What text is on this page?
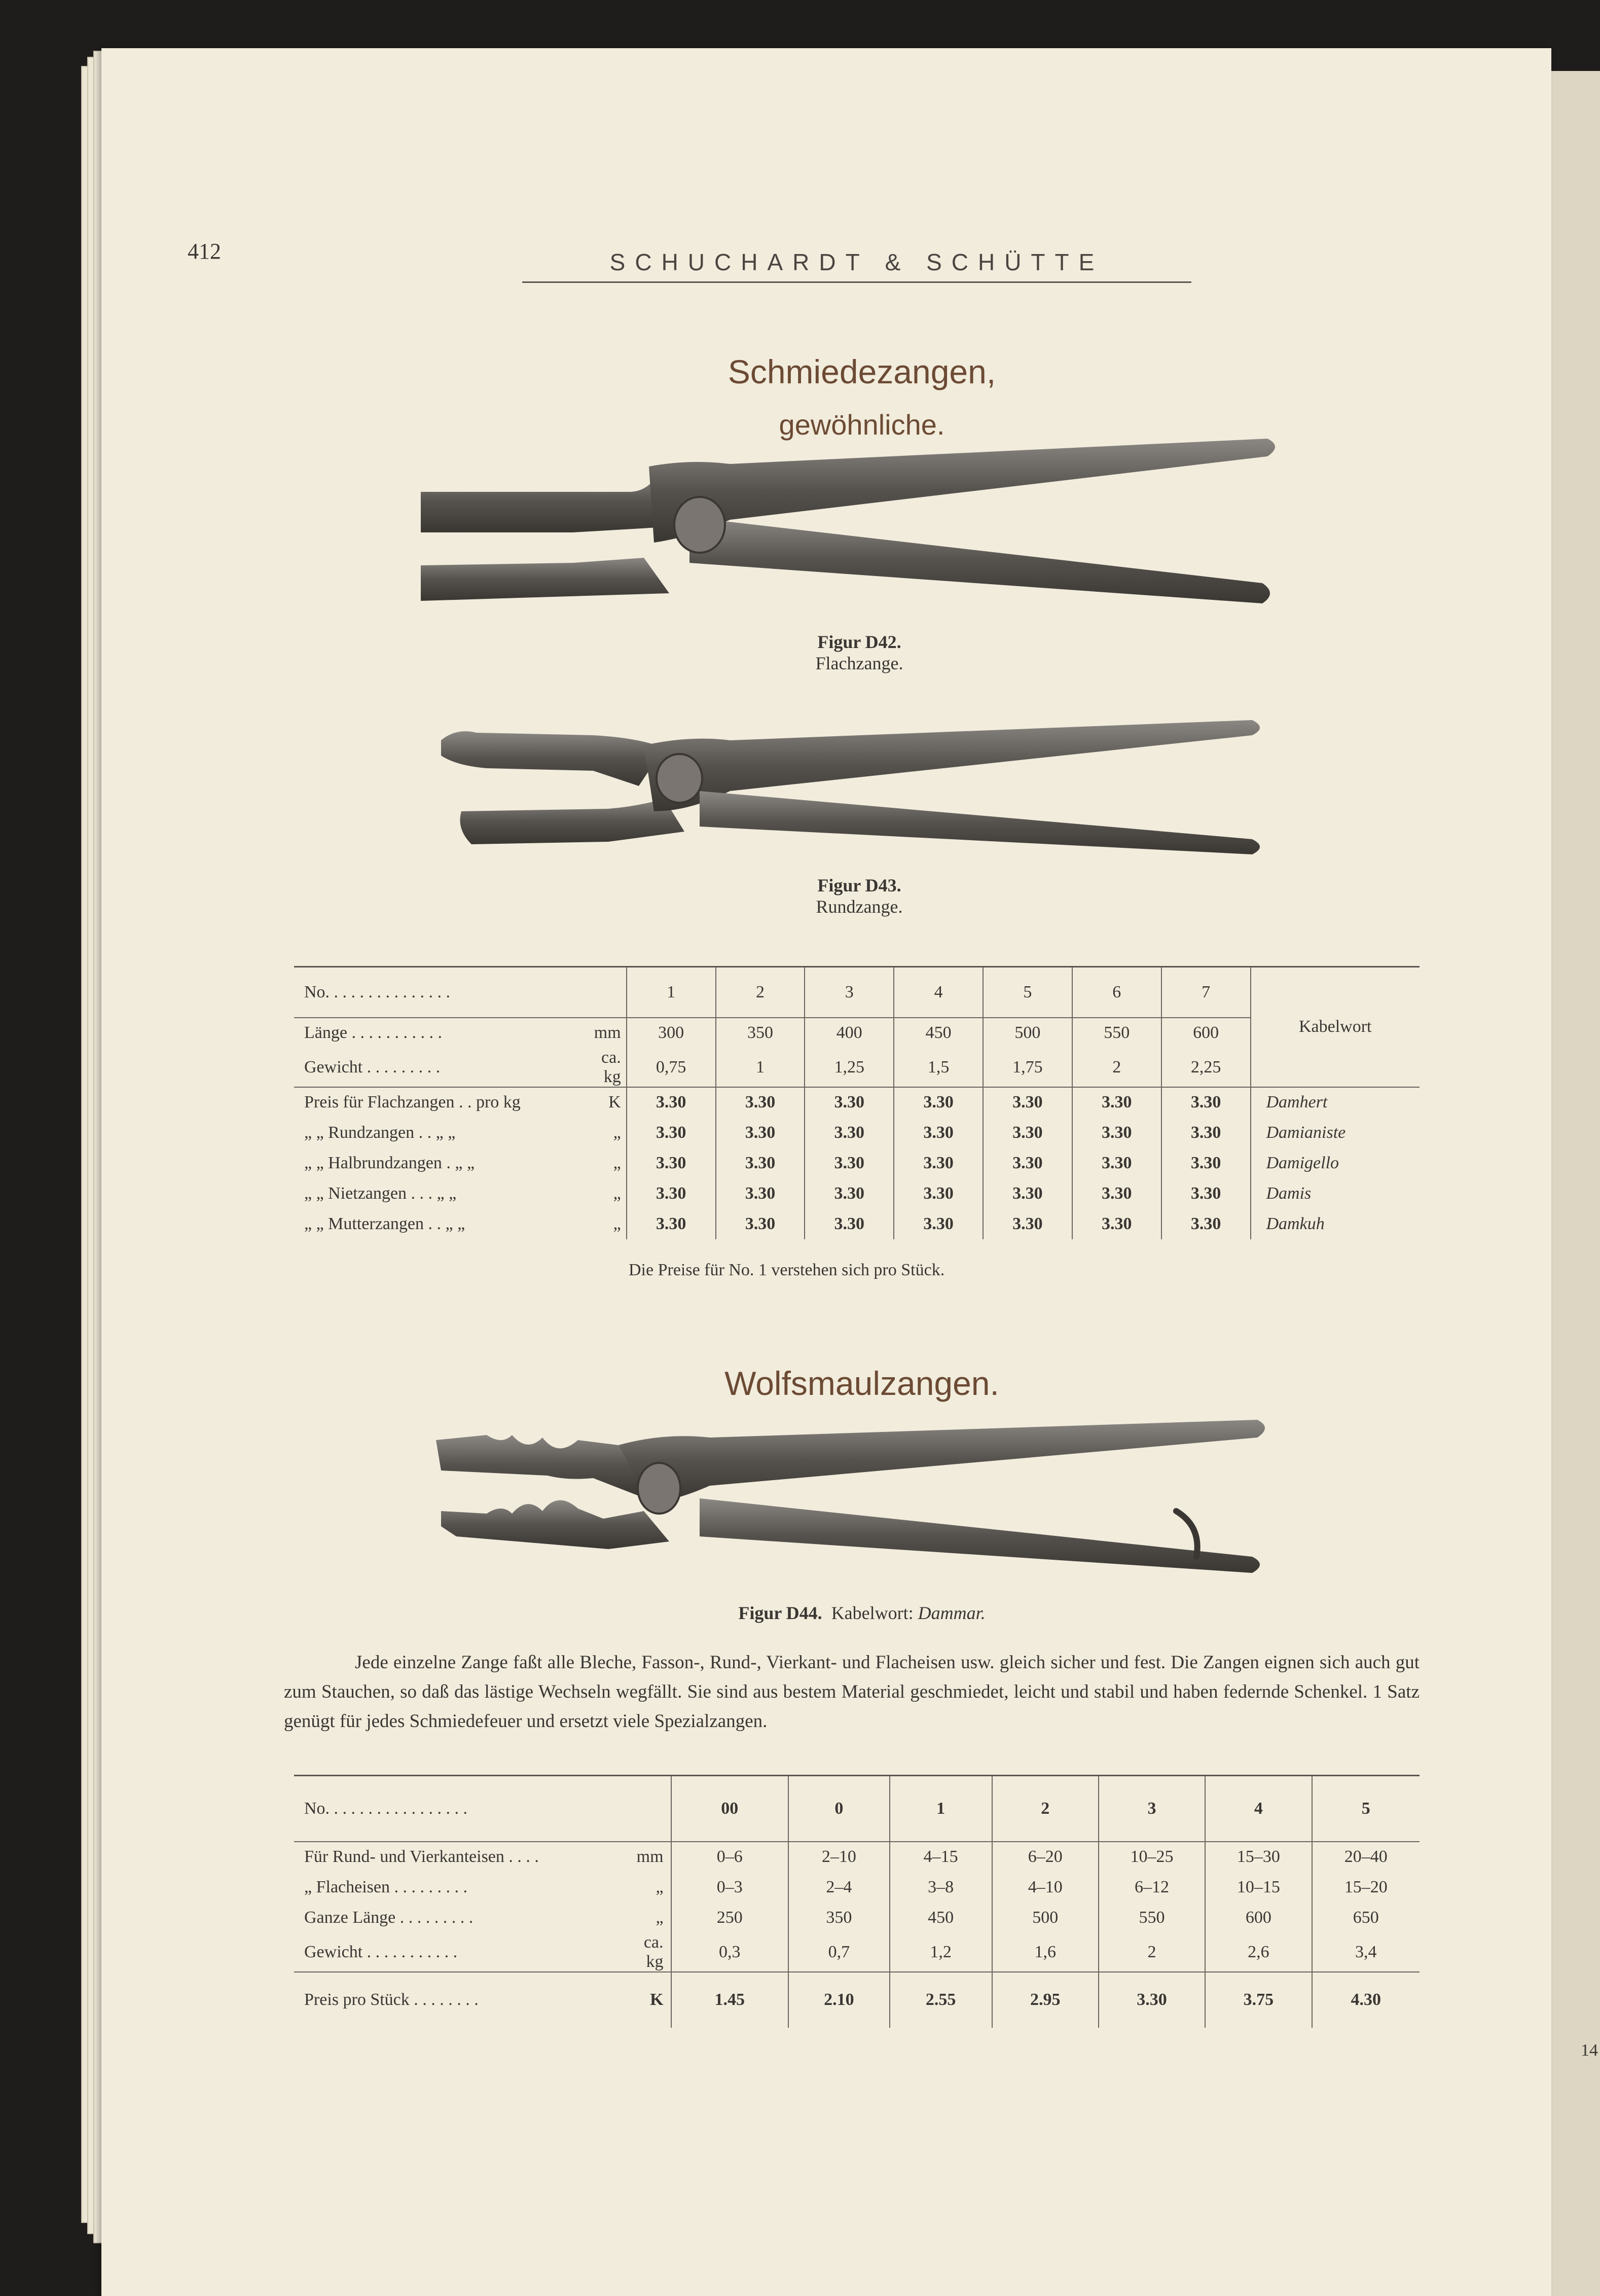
412	SCHUCHARDT & SCHÜTTE
14
Schmiedezangen,
gewöhnliche.
Figur D42.
Flachzange.
Figur D43.
Rundzange.
No. . . . . . . . . . . . . . .		1	2	3	4	5	6	7	Kabelwort
Länge . . . . . . . . . . .	mm	300	350	400	450	500	550	600	
Gewicht . . . . . . . . .	ca. kg	0,75	1	1,25	1,5	1,75	2	2,25	

Preis für Flachzangen . . pro kg	K	3.30	3.30	3.30	3.30	3.30	3.30	3.30	Damhert
„ „ Rundzangen . . „ „	„	3.30	3.30	3.30	3.30	3.30	3.30	3.30	Damianiste
„ „ Halbrundzangen . „ „	„	3.30	3.30	3.30	3.30	3.30	3.30	3.30	Damigello
„ „ Nietzangen . . . „ „	„	3.30	3.30	3.30	3.30	3.30	3.30	3.30	Damis
„ „ Mutterzangen . . „ „	„	3.30	3.30	3.30	3.30	3.30	3.30	3.30	Damkuh
Die Preise für No. 1 verstehen sich pro Stück.									
Wolfsmaulzangen.
Figur D44. Kabelwort: Dammar.
Jede einzelne Zange faßt alle Bleche, Fasson-, Rund-, Vierkant- und Flacheisen usw. gleich sicher und fest. Die Zangen eignen sich auch gut zum Stauchen, so daß das lästige Wechseln wegfällt. Sie sind aus bestem Material geschmiedet, leicht und stabil und haben federnde Schenkel. 1 Satz genügt für jedes Schmiedefeuer und ersetzt viele Spezialzangen.
No. . . . . . . . . . . . . . . . .		00	0	1	2	3	4	5
Für Rund- und Vierkanteisen . . . .	mm	0–6	2–10	4–15	6–20	10–25	15–30	20–40
„ Flacheisen . . . . . . . . .	„	0–3	2–4	3–8	4–10	6–12	10–15	15–20
Ganze Länge . . . . . . . . .	„	250	350	450	500	550	600	650
Gewicht . . . . . . . . . . .	ca. kg	0,3	0,7	1,2	1,6	2	2,6	3,4
Preis pro Stück . . . . . . . .	K	1.45	2.10	2.55	2.95	3.30	3.75	4.30
